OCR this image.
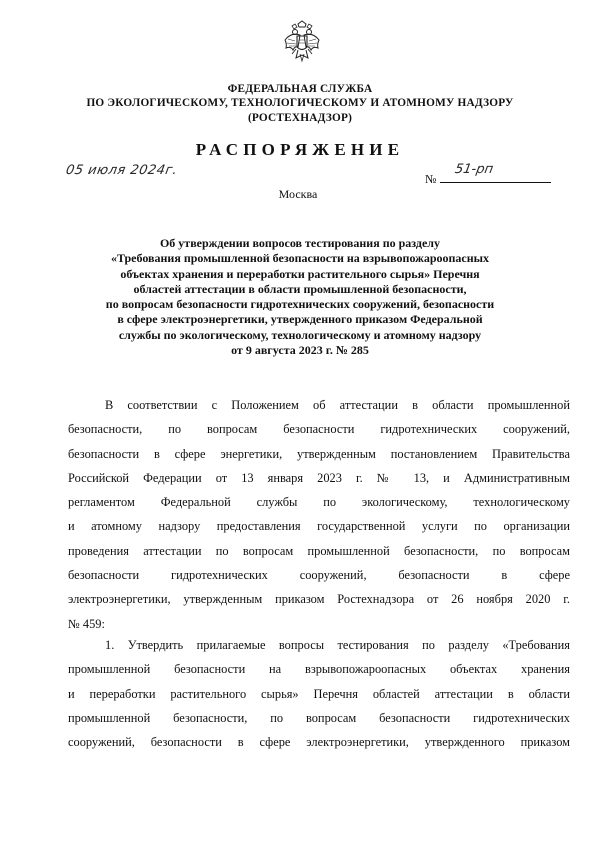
ФЕДЕРАЛЬНАЯ СЛУЖБА
ПО ЭКОЛОГИЧЕСКОМУ, ТЕХНОЛОГИЧЕСКОМУ И АТОМНОМУ НАДЗОРУ
(РОСТЕХНАДЗОР)
РАСПОРЯЖЕНИЕ
05 июля 2024г.
№
51-рп
Москва
Об утверждении вопросов тестирования по разделу
«Требования промышленной безопасности на взрывопожароопасных
объектах хранения и переработки растительного сырья» Перечня
областей аттестации в области промышленной безопасности,
по вопросам безопасности гидротехнических сооружений, безопасности
в сфере электроэнергетики, утвержденного приказом Федеральной
службы по экологическому, технологическому и атомному надзору
от 9 августа 2023 г. № 285
В соответствии с Положением об аттестации в области промышленной
безопасности, по вопросам безопасности гидротехнических сооружений,
безопасности в сфере энергетики, утвержденным постановлением Правительства
Российской Федерации от 13 января 2023 г. № 13, и Административным
регламентом Федеральной службы по экологическому, технологическому
и атомному надзору предоставления государственной услуги по организации
проведения аттестации по вопросам промышленной безопасности, по вопросам
безопасности гидротехнических сооружений, безопасности в сфере
электроэнергетики, утвержденным приказом Ростехнадзора от 26 ноября 2020 г.
№ 459:
1. Утвердить прилагаемые вопросы тестирования по разделу «Требования
промышленной безопасности на взрывопожароопасных объектах хранения
и переработки растительного сырья» Перечня областей аттестации в области
промышленной безопасности, по вопросам безопасности гидротехнических
сооружений, безопасности в сфере электроэнергетики, утвержденного приказом
